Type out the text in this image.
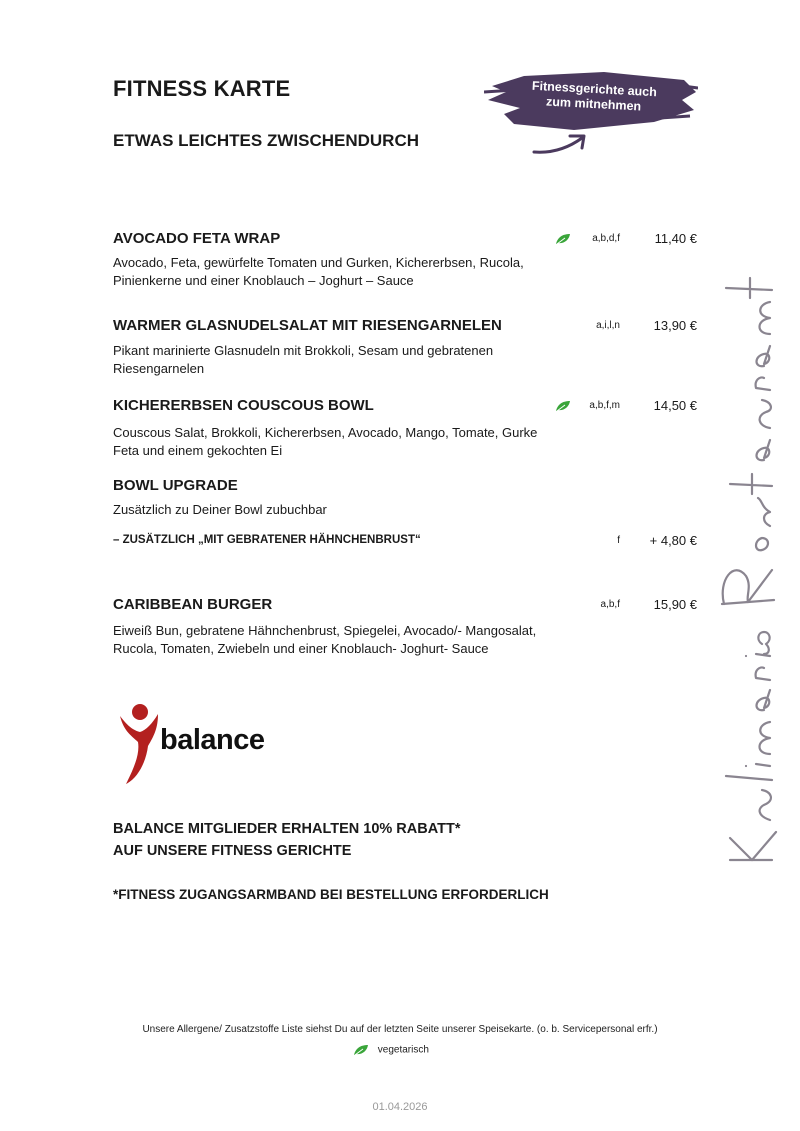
FITNESS KARTE
ETWAS LEICHTES ZWISCHENDURCH
Fitnessgerichte auch
zum mitnehmen
AVOCADO FETA WRAP	a,b,d,f	11,40 €
Avocado, Feta, gewürfelte Tomaten und Gurken, Kichererbsen, Rucola,
Pinienkerne und einer Knoblauch – Joghurt – Sauce
WARMER GLASNUDELSALAT MIT RIESENGARNELEN	a,i,l,n	13,90 €
Pikant marinierte Glasnudeln mit Brokkoli, Sesam und gebratenen
Riesengarnelen
KICHERERBSEN COUSCOUS BOWL	a,b,f,m	14,50 €
Couscous Salat, Brokkoli, Kichererbsen, Avocado, Mango, Tomate, Gurke
Feta und einem gekochten Ei
BOWL UPGRADE
Zusätzlich zu Deiner Bowl zubuchbar
– ZUSÄTZLICH „MIT GEBRATENER HÄHNCHENBRUST“	f	+ 4,80 €
CARIBBEAN BURGER	a,b,f	15,90 €
Eiweiß Bun, gebratene Hähnchenbrust, Spiegelei, Avocado/- Mangosalat,
Rucola, Tomaten, Zwiebeln und einer Knoblauch- Joghurt- Sauce
balance
BALANCE MITGLIEDER ERHALTEN 10% RABATT*
AUF UNSERE FITNESS GERICHTE
*FITNESS ZUGANGSARMBAND BEI BESTELLUNG ERFORDERLICH
Unsere Allergene/ Zusatzstoffe Liste siehst Du auf der letzten Seite unserer Speisekarte. (o. b. Servicepersonal erfr.)
vegetarisch
01.04.2026
